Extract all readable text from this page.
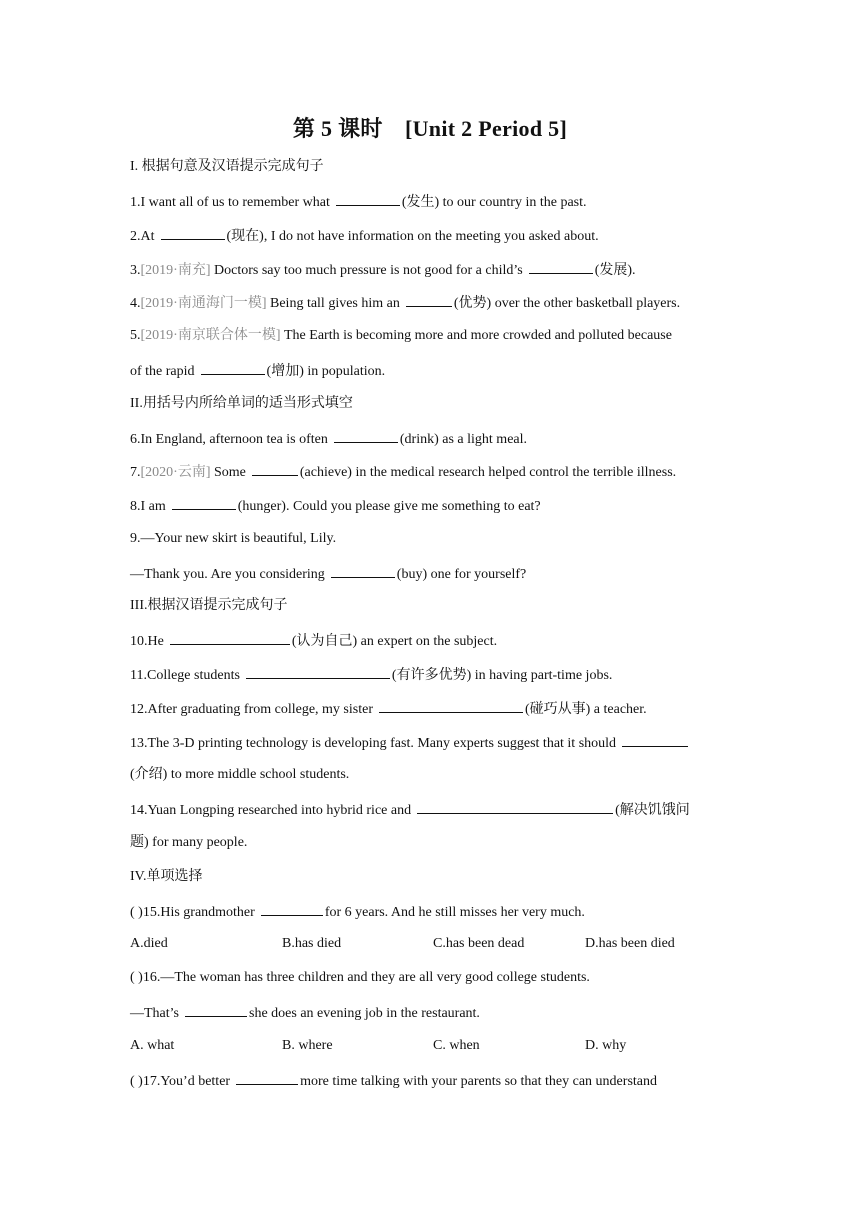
第 5 课时　[Unit 2 Period 5]
I. 根据句意及汉语提示完成句子
1.I want all of us to remember what	(发生) to our country in the past.
2.At	(现在), I do not have information on the meeting you asked about.
3.[2019·南充] Doctors say too much pressure is not good for a child’s	(发展).
4.[2019·南通海门一模] Being tall gives him an	(优势) over the other basketball players.
5.[2019·南京联合体一模] The Earth is becoming more and more crowded and polluted because
of the rapid	(增加) in population.
II.用括号内所给单词的适当形式填空
6.In England, afternoon tea is often	(drink) as a light meal.
7.[2020·云南] Some	(achieve) in the medical research helped control the terrible illness.
8.I am	(hunger). Could you please give me something to eat?
9.—Your new skirt is beautiful, Lily.
—Thank you. Are you considering	(buy) one for yourself?
III.根据汉语提示完成句子
10.He	(认为自己) an expert on the subject.
11.College students	(有许多优势) in having part-time jobs.
12.After graduating from college, my sister	(碰巧从事) a teacher.
13.The 3-D printing technology is developing fast. Many experts suggest that it should
(介绍) to more middle school students.
14.Yuan Longping researched into hybrid rice and	(解决饥饿问
题) for many people.
IV.单项选择
( )15.His grandmother	for 6 years. And he still misses her very much.
A.died	B.has died	C.has been dead	D.has been died
( )16.—The woman has three children and they are all very good college students.
—That’s	she does an evening job in the restaurant.
A. what	B. where	C. when	D. why
( )17.You’d better	more time talking with your parents so that they can understand
